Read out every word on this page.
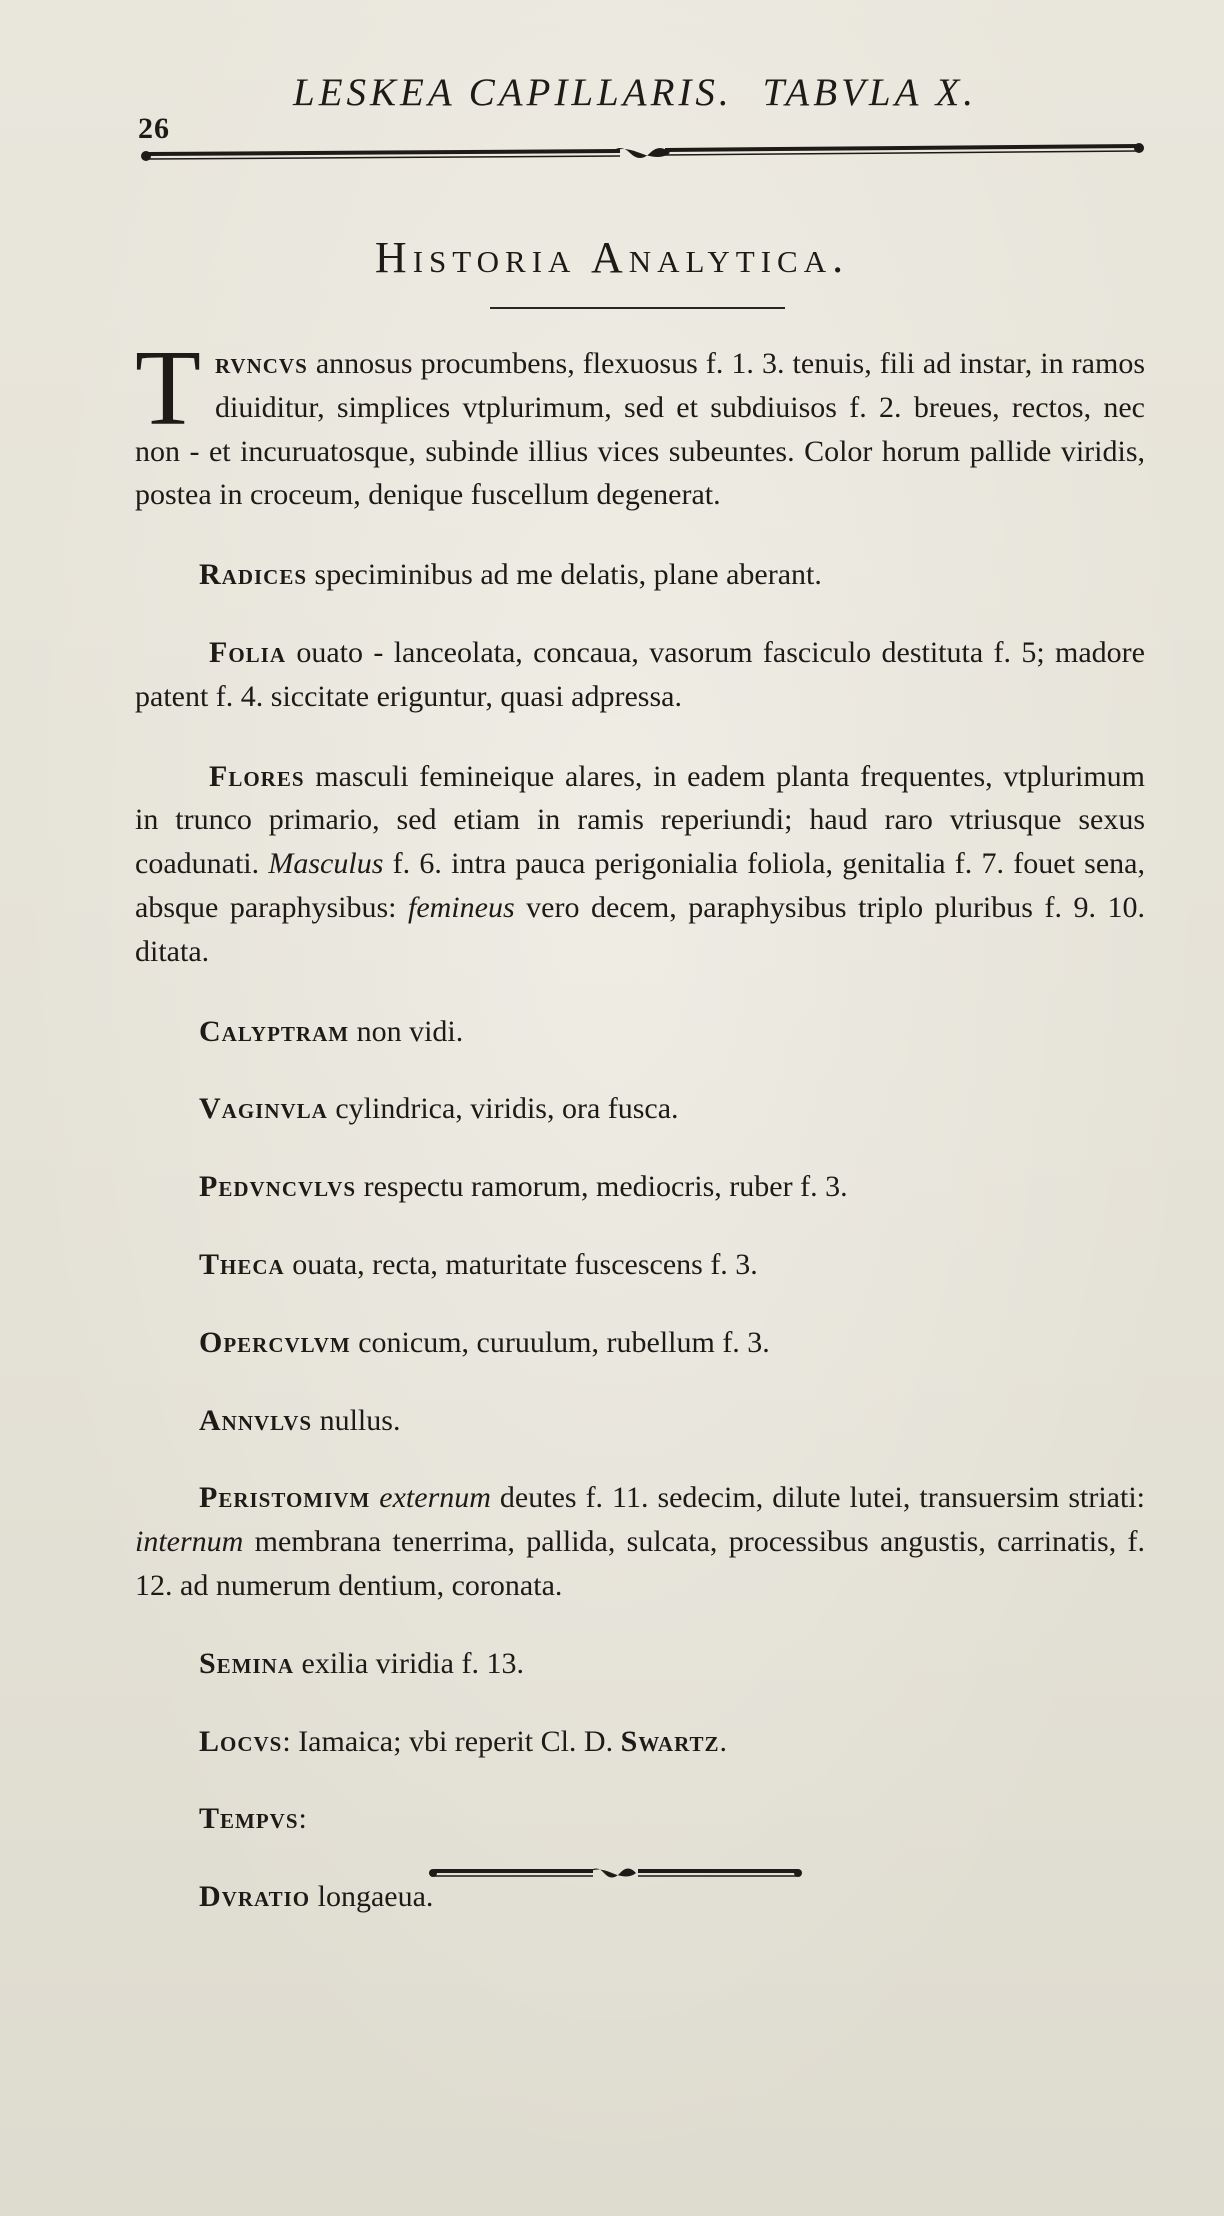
26
LESKEA CAPILLARIS. TABVLA X.
Historia Analytica.

Trvncvs annosus procumbens, flexuosus f. 1. 3. tenuis, fili ad instar, in ramos diuiditur, simplices vtplurimum, sed et subdiuisos f. 2. breues, rectos, nec non - et incuruatosque, subinde illius vices subeuntes. Color horum pallide viridis, postea in croceum, denique fuscellum degenerat.

Radices speciminibus ad me delatis, plane aberant.

Folia ouato - lanceolata, concaua, vasorum fasciculo destituta f. 5; madore patent f. 4. siccitate eriguntur, quasi adpressa.

Flores masculi femineique alares, in eadem planta frequentes, vtplurimum in trunco primario, sed etiam in ramis reperiundi; haud raro vtriusque sexus coadunati. Masculus f. 6. intra pauca perigonialia foliola, genitalia f. 7. fouet sena, absque paraphysibus: femineus vero decem, paraphysibus triplo pluribus f. 9. 10. ditata.

Calyptram non vidi.

Vaginvla cylindrica, viridis, ora fusca.

Pedvncvlvs respectu ramorum, mediocris, ruber f. 3.

Theca ouata, recta, maturitate fuscescens f. 3.

Opercvlvm conicum, curuulum, rubellum f. 3.

Annvlvs nullus.

Peristomivm externum deutes f. 11. sedecim, dilute lutei, transuersim striati: internum membrana tenerrima, pallida, sulcata, processibus angustis, carrinatis, f. 12. ad numerum dentium, coronata.

Semina exilia viridia f. 13.

Locvs: Iamaica; vbi reperit Cl. D. Swartz.

Tempvs:

Dvratio longaeua.
